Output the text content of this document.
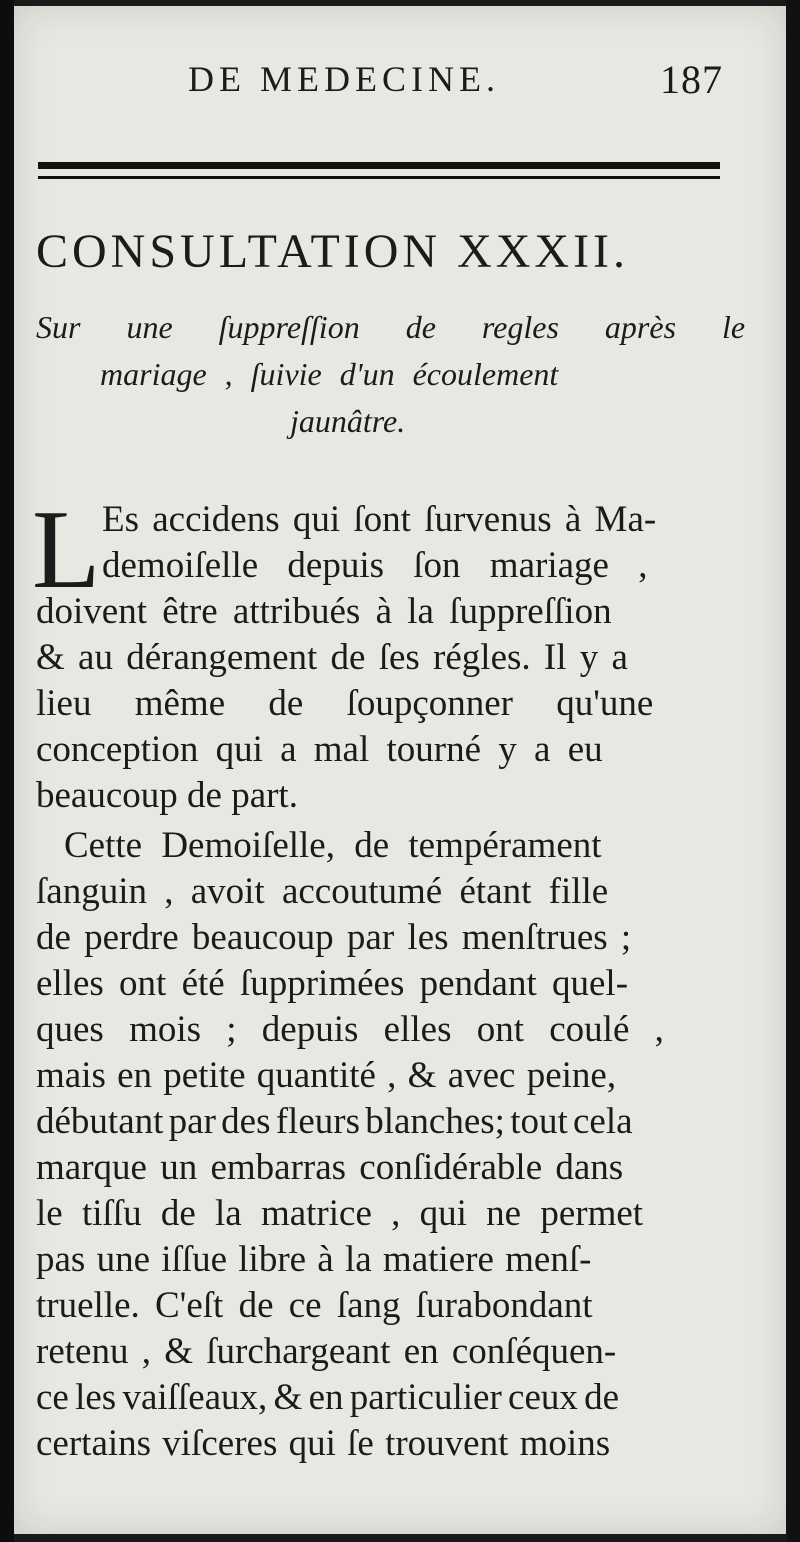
DE MEDECINE.	187
CONSULTATION XXXII.
Sur une ſuppreſſion de regles après le
mariage , ſuivie d'un écoulement
jaunâtre.
L Es accidens qui ſont ſurvenus à Ma-
demoiſelle depuis ſon mariage ,
doivent être attribués à la ſuppreſſion
& au dérangement de ſes régles. Il y a
lieu même de ſoupçonner qu'une
conception qui a mal tourné y a eu
beaucoup de part.
Cette Demoiſelle, de tempérament
ſanguin , avoit accoutumé étant fille
de perdre beaucoup par les menſtrues ;
elles ont été ſupprimées pendant quel-
ques mois ; depuis elles ont coulé ,
mais en petite quantité , & avec peine,
débutant par des fleurs blanches; tout cela
marque un embarras conſidérable dans
le tiſſu de la matrice , qui ne permet
pas une iſſue libre à la matiere menſ-
truelle. C'eſt de ce ſang ſurabondant
retenu , & ſurchargeant en conſéquen-
ce les vaiſſeaux, & en particulier ceux de
certains viſceres qui ſe trouvent moins
